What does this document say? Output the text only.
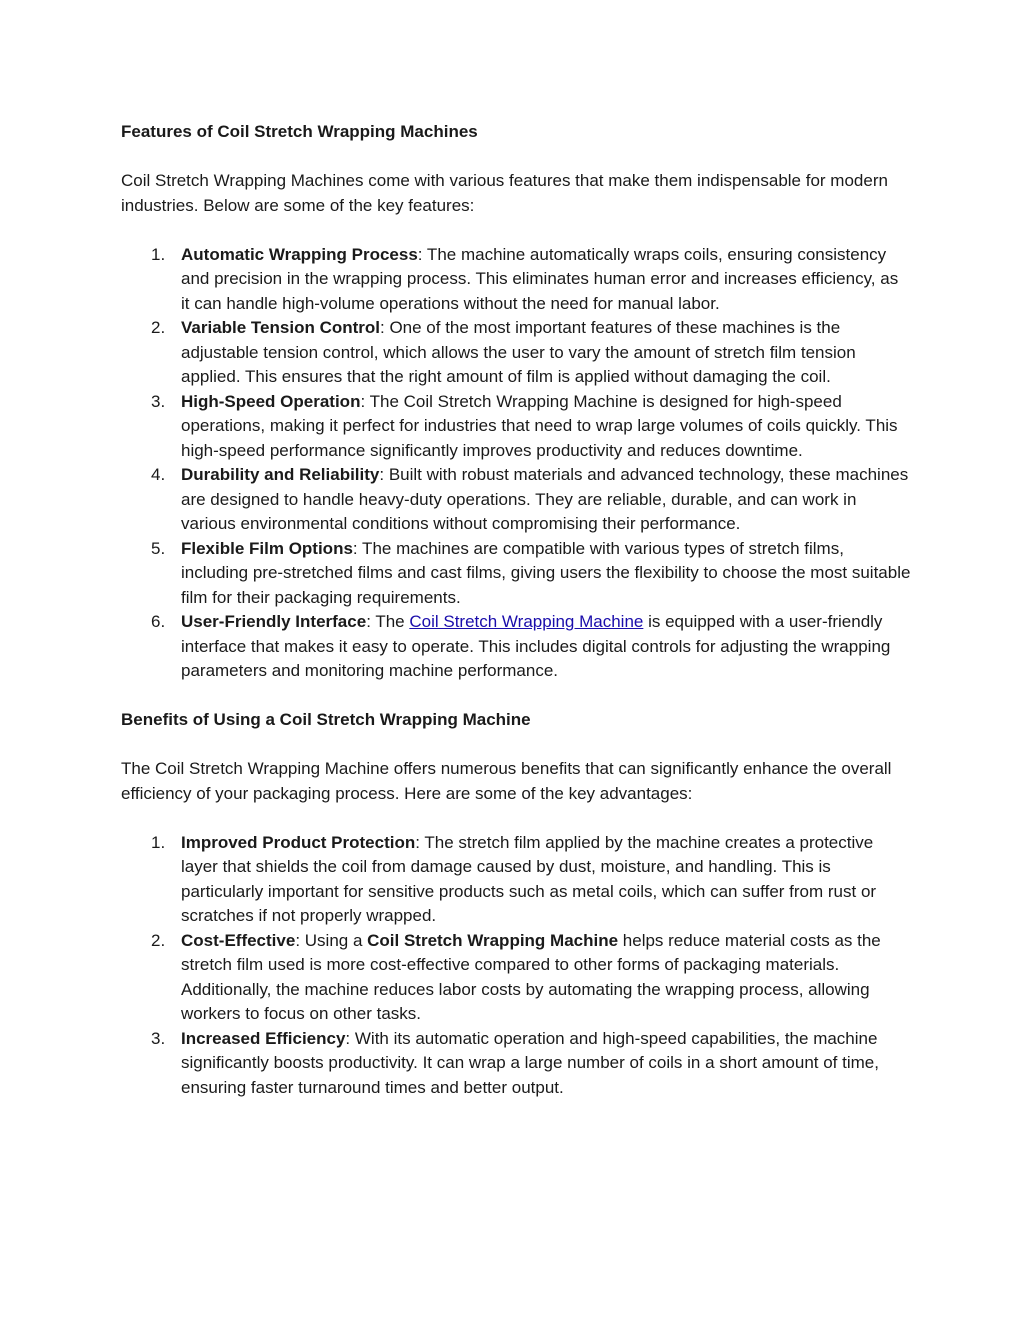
Features of Coil Stretch Wrapping Machines

Coil Stretch Wrapping Machines come with various features that make them indispensable for modern industries. Below are some of the key features:

1. Automatic Wrapping Process: The machine automatically wraps coils, ensuring consistency and precision in the wrapping process. This eliminates human error and increases efficiency, as it can handle high-volume operations without the need for manual labor.
2. Variable Tension Control: One of the most important features of these machines is the adjustable tension control, which allows the user to vary the amount of stretch film tension applied. This ensures that the right amount of film is applied without damaging the coil.
3. High-Speed Operation: The Coil Stretch Wrapping Machine is designed for high-speed operations, making it perfect for industries that need to wrap large volumes of coils quickly. This high-speed performance significantly improves productivity and reduces downtime.
4. Durability and Reliability: Built with robust materials and advanced technology, these machines are designed to handle heavy-duty operations. They are reliable, durable, and can work in various environmental conditions without compromising their performance.
5. Flexible Film Options: The machines are compatible with various types of stretch films, including pre-stretched films and cast films, giving users the flexibility to choose the most suitable film for their packaging requirements.
6. User-Friendly Interface: The Coil Stretch Wrapping Machine is equipped with a user-friendly interface that makes it easy to operate. This includes digital controls for adjusting the wrapping parameters and monitoring machine performance.

Benefits of Using a Coil Stretch Wrapping Machine

The Coil Stretch Wrapping Machine offers numerous benefits that can significantly enhance the overall efficiency of your packaging process. Here are some of the key advantages:

1. Improved Product Protection: The stretch film applied by the machine creates a protective layer that shields the coil from damage caused by dust, moisture, and handling. This is particularly important for sensitive products such as metal coils, which can suffer from rust or scratches if not properly wrapped.
2. Cost-Effective: Using a Coil Stretch Wrapping Machine helps reduce material costs as the stretch film used is more cost-effective compared to other forms of packaging materials. Additionally, the machine reduces labor costs by automating the wrapping process, allowing workers to focus on other tasks.
3. Increased Efficiency: With its automatic operation and high-speed capabilities, the machine significantly boosts productivity. It can wrap a large number of coils in a short amount of time, ensuring faster turnaround times and better output.
